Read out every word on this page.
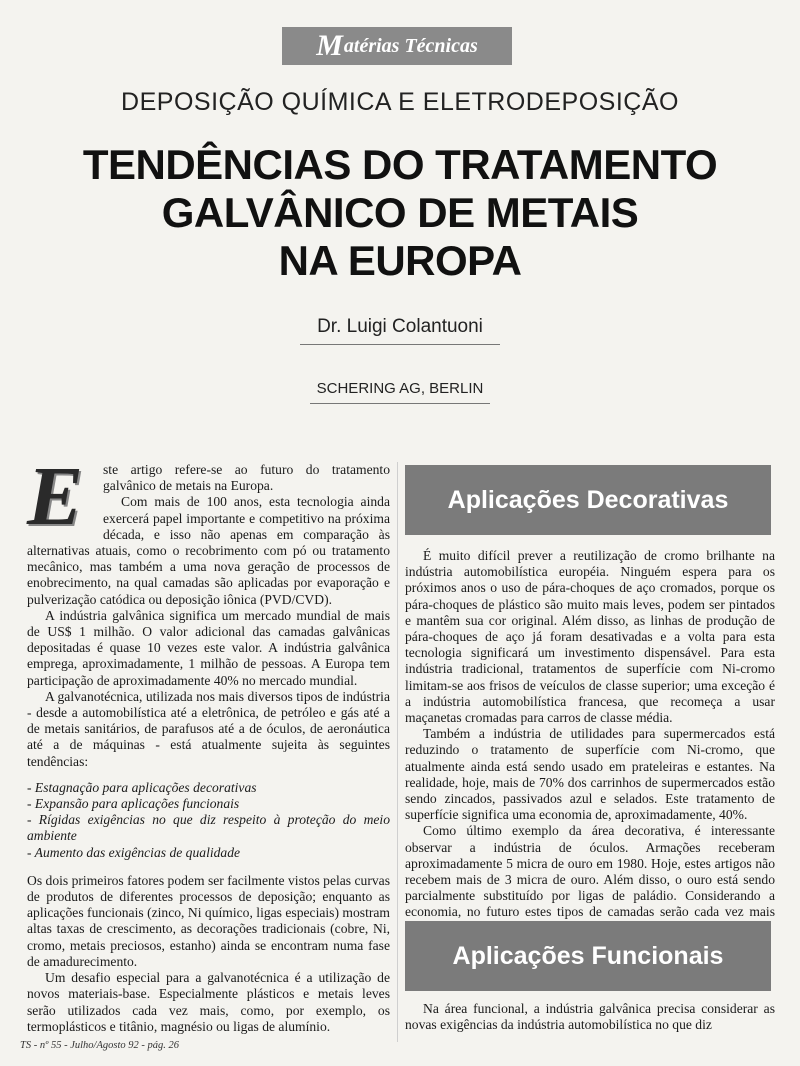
M atérias Técnicas
DEPOSIÇÃO QUÍMICA E ELETRODEPOSIÇÃO
TENDÊNCIAS DO TRATAMENTO
GALVÂNICO DE METAIS
NA EUROPA
Dr. Luigi Colantuoni
SCHERING AG, BERLIN
E	ste artigo refere-se ao futuro do tratamento galvânico de metais na Europa.

Com mais de 100 anos, esta tecnologia ainda exercerá papel importante e competitivo na próxima década, e isso não apenas em comparação às alternativas atuais, como o recobrimento com pó ou tratamento mecânico, mas também a uma nova geração de processos de enobrecimento, na qual camadas são aplicadas por evaporação e pulverização catódica ou deposição iônica (PVD/CVD).

A indústria galvânica significa um mercado mundial de mais de US$ 1 milhão. O valor adicional das camadas galvânicas depositadas é quase 10 vezes este valor. A indústria galvânica emprega, aproximadamente, 1 milhão de pessoas. A Europa tem participação de aproximadamente 40% no mercado mundial.

A galvanotécnica, utilizada nos mais diversos tipos de indústria - desde a automobilística até a eletrônica, de petróleo e gás até a de metais sanitários, de parafusos até a de óculos, de aeronáutica até a de máquinas - está atualmente sujeita às seguintes tendências:

- Estagnação para aplicações decorativas
- Expansão para aplicações funcionais
- Rígidas exigências no que diz respeito à proteção do meio ambiente
- Aumento das exigências de qualidade

Os dois primeiros fatores podem ser facilmente vistos pelas curvas de produtos de diferentes processos de deposição; enquanto as aplicações funcionais (zinco, Ni químico, ligas especiais) mostram altas taxas de crescimento, as decorações tradicionais (cobre, Ni, cromo, metais preciosos, estanho) ainda se encontram numa fase de amadurecimento.

Um desafio especial para a galvanotécnica é a utilização de novos materiais-base. Especialmente plásticos e metais leves serão utilizados cada vez mais, como, por exemplo, os termoplásticos e titânio, magnésio ou ligas de alumínio.

Aplicações Decorativas

É muito difícil prever a reutilização de cromo brilhante na indústria automobilística européia. Ninguém espera para os próximos anos o uso de pára-choques de aço cromados, porque os pára-choques de plástico são muito mais leves, podem ser pintados e mantêm sua cor original. Além disso, as linhas de produção de pára-choques de aço já foram desativadas e a volta para esta tecnologia significará um investimento dispensável. Para esta indústria tradicional, tratamentos de superfície com Ni-cromo limitam-se aos frisos de veículos de classe superior; uma exceção é a indústria automobilística francesa, que recomeça a usar maçanetas cromadas para carros de classe média.

Também a indústria de utilidades para supermercados está reduzindo o tratamento de superfície com Ni-cromo, que atualmente ainda está sendo usado em prateleiras e estantes. Na realidade, hoje, mais de 70% dos carrinhos de supermercados estão sendo zincados, passivados azul e selados. Este tratamento de superfície significa uma economia de, aproximadamente, 40%.

Como último exemplo da área decorativa, é interessante observar a indústria de óculos. Armações receberam aproximadamente 5 micra de ouro em 1980. Hoje, estes artigos não recebem mais de 3 micra de ouro. Além disso, o ouro está sendo parcialmente substituído por ligas de paládio. Considerando a economia, no futuro estes tipos de camadas serão cada vez mais

Aplicações Funcionais

Na área funcional, a indústria galvânica precisa considerar as novas exigências da indústria automobilística no que diz

TS - nº 55 - Julho/Agosto 92 - pág. 26
